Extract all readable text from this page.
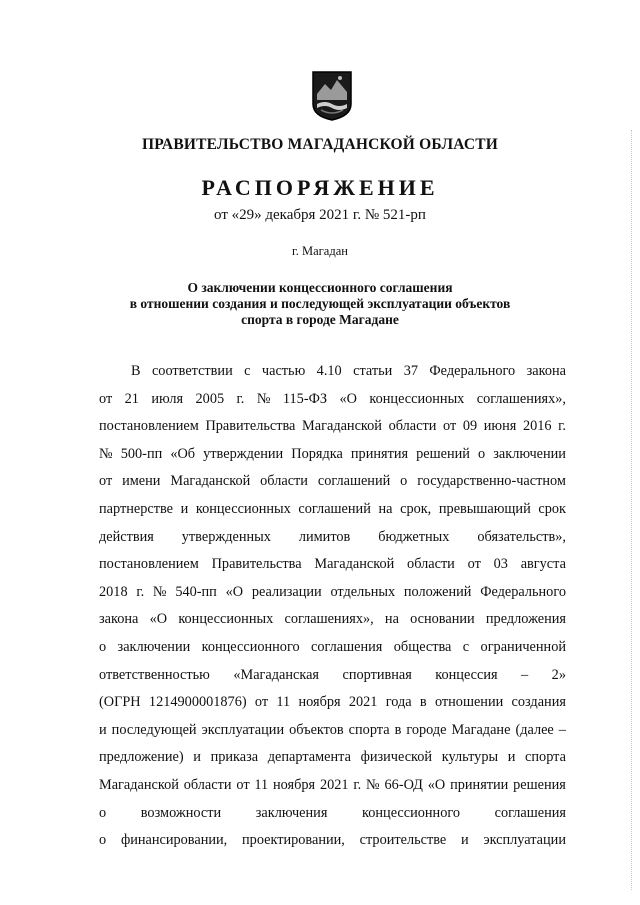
ПРАВИТЕЛЬСТВО МАГАДАНСКОЙ ОБЛАСТИ
РАСПОРЯЖЕНИЕ
от «29» декабря 2021 г. № 521-рп
г. Магадан
О заключении концессионного соглашения
в отношении создания и последующей эксплуатации объектов
спорта в городе Магадане
В соответствии с частью 4.10 статьи 37 Федерального закона
от 21 июля 2005 г. № 115-ФЗ «О концессионных соглашениях»,
постановлением Правительства Магаданской области от 09 июня 2016 г.
№ 500-пп «Об утверждении Порядка принятия решений о заключении
от имени Магаданской области соглашений о государственно-частном
партнерстве и концессионных соглашений на срок, превышающий срок
действия утвержденных лимитов бюджетных обязательств»,
постановлением Правительства Магаданской области от 03 августа
2018 г. № 540-пп «О реализации отдельных положений Федерального
закона «О концессионных соглашениях», на основании предложения
о заключении концессионного соглашения общества с ограниченной
ответственностью «Магаданская спортивная концессия – 2»
(ОГРН 1214900001876) от 11 ноября 2021 года в отношении создания
и последующей эксплуатации объектов спорта в городе Магадане (далее –
предложение) и приказа департамента физической культуры и спорта
Магаданской области от 11 ноября 2021 г. № 66-ОД «О принятии решения
о возможности заключения концессионного соглашения
о финансировании, проектировании, строительстве и эксплуатации
